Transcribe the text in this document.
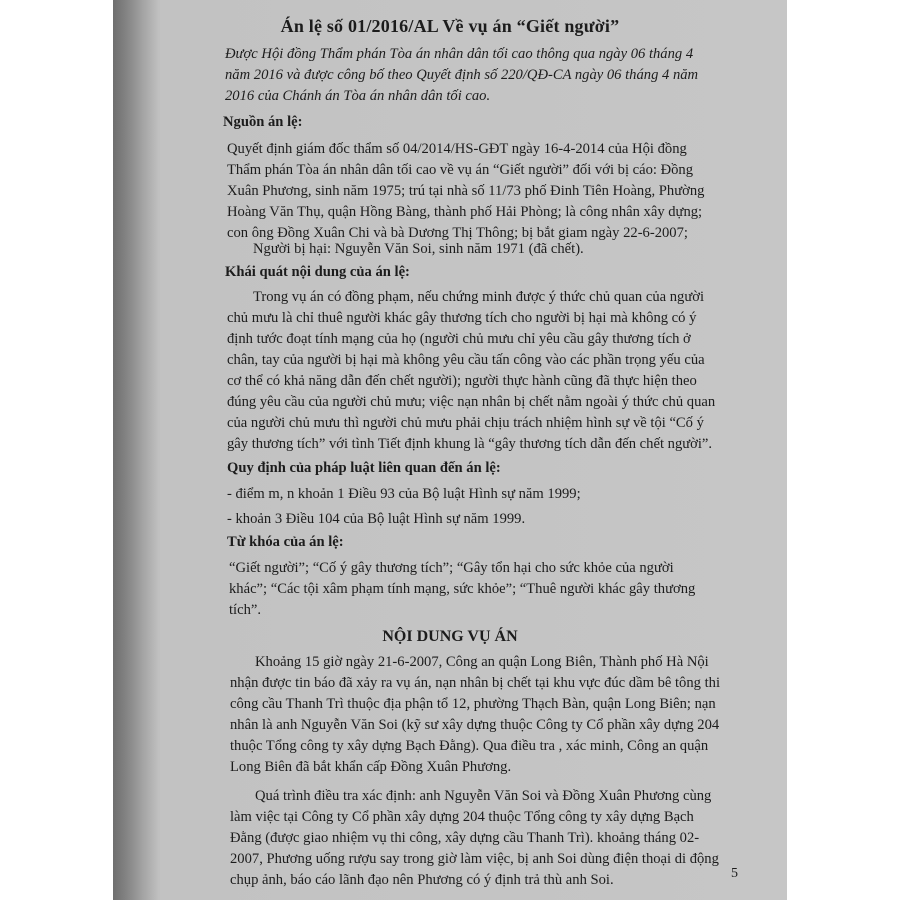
Án lệ số 01/2016/AL Về vụ án “Giết người”
Được Hội đồng Thẩm phán Tòa án nhân dân tối cao thông qua ngày 06 tháng 4
năm 2016 và được công bố theo Quyết định số 220/QĐ-CA ngày 06 tháng 4 năm
2016 của Chánh án Tòa án nhân dân tối cao.
Nguồn án lệ:
Quyết định giám đốc thẩm số 04/2014/HS-GĐT ngày 16-4-2014 của Hội đồng
Thẩm phán Tòa án nhân dân tối cao về vụ án “Giết người” đối với bị cáo: Đồng
Xuân Phương, sinh năm 1975; trú tại nhà số 11/73 phố Đinh Tiên Hoàng, Phường
Hoàng Văn Thụ, quận Hồng Bàng, thành phố Hải Phòng; là công nhân xây dựng;
con ông Đồng Xuân Chi và bà Dương Thị Thông; bị bắt giam ngày 22-6-2007;
Người bị hại: Nguyễn Văn Soi, sinh năm 1971 (đã chết).
Khái quát nội dung của án lệ:
Trong vụ án có đồng phạm, nếu chứng minh được ý thức chủ quan của người
chủ mưu là chỉ thuê người khác gây thương tích cho người bị hại mà không có ý
định tước đoạt tính mạng của họ (người chủ mưu chỉ yêu cầu gây thương tích ở
chân, tay của người bị hại mà không yêu cầu tấn công vào các phần trọng yếu của
cơ thể có khả năng dẫn đến chết người); người thực hành cũng đã thực hiện theo
đúng yêu cầu của người chủ mưu; việc nạn nhân bị chết nằm ngoài ý thức chủ quan
của người chủ mưu thì người chủ mưu phải chịu trách nhiệm hình sự về tội “Cố ý
gây thương tích” với tình Tiết định khung là “gây thương tích dẫn đến chết người”.
Quy định của pháp luật liên quan đến án lệ:
- điểm m, n khoản 1 Điều 93 của Bộ luật Hình sự năm 1999;
- khoản 3 Điều 104 của Bộ luật Hình sự năm 1999.
Từ khóa của án lệ:
“Giết người”; “Cố ý gây thương tích”; “Gây tổn hại cho sức khỏe của người
khác”; “Các tội xâm phạm tính mạng, sức khỏe”; “Thuê người khác gây thương
tích”.
NỘI DUNG VỤ ÁN
Khoảng 15 giờ ngày 21-6-2007, Công an quận Long Biên, Thành phố Hà Nội
nhận được tin báo đã xảy ra vụ án, nạn nhân bị chết tại khu vực đúc dầm bê tông thi
công cầu Thanh Trì thuộc địa phận tổ 12, phường Thạch Bàn, quận Long Biên; nạn
nhân là anh Nguyễn Văn Soi (kỹ sư xây dựng thuộc Công ty Cổ phần xây dựng 204
thuộc Tổng công ty xây dựng Bạch Đằng). Qua điều tra , xác minh, Công an quận
Long Biên đã bắt khẩn cấp Đồng Xuân Phương.
Quá trình điều tra xác định: anh Nguyễn Văn Soi và Đồng Xuân Phương cùng
làm việc tại Công ty Cổ phần xây dựng 204 thuộc Tổng công ty xây dựng Bạch
Đằng (được giao nhiệm vụ thi công, xây dựng cầu Thanh Trì). khoảng tháng 02-
2007, Phương uống rượu say trong giờ làm việc, bị anh Soi dùng điện thoại di động
chụp ảnh, báo cáo lãnh đạo nên Phương có ý định trả thù anh Soi.	5
